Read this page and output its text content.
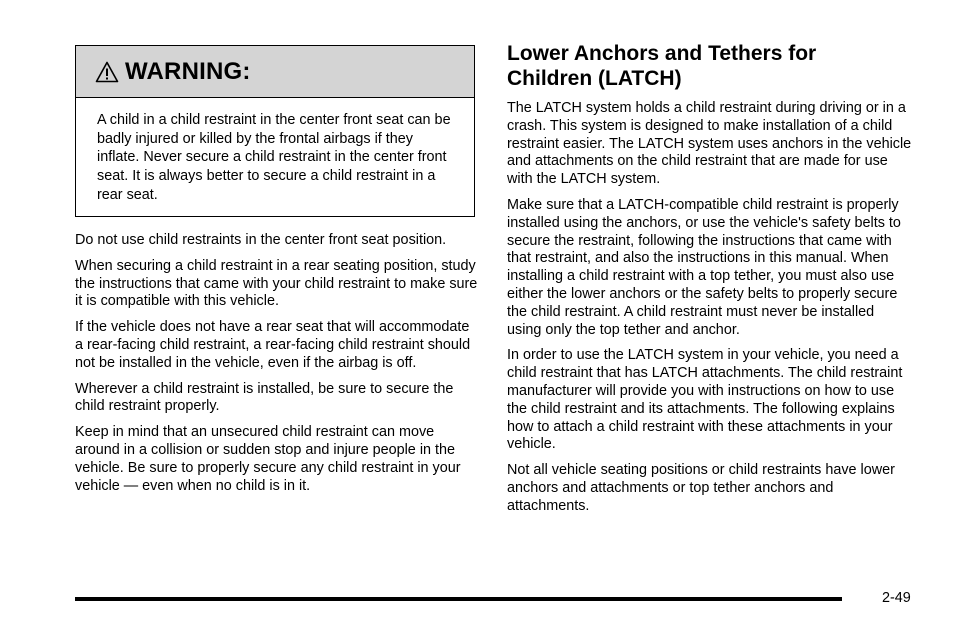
WARNING:
A child in a child restraint in the center front seat can be badly injured or killed by the frontal airbags if they inflate. Never secure a child restraint in the center front seat. It is always better to secure a child restraint in a rear seat.

Do not use child restraints in the center front seat position.

When securing a child restraint in a rear seating position, study the instructions that came with your child restraint to make sure it is compatible with this vehicle.

If the vehicle does not have a rear seat that will accommodate a rear-facing child restraint, a rear-facing child restraint should not be installed in the vehicle, even if the airbag is off.

Wherever a child restraint is installed, be sure to secure the child restraint properly.

Keep in mind that an unsecured child restraint can move around in a collision or sudden stop and injure people in the vehicle. Be sure to properly secure any child restraint in your vehicle — even when no child is in it.

Lower Anchors and Tethers for Children (LATCH)

The LATCH system holds a child restraint during driving or in a crash. This system is designed to make installation of a child restraint easier. The LATCH system uses anchors in the vehicle and attachments on the child restraint that are made for use with the LATCH system.

Make sure that a LATCH-compatible child restraint is properly installed using the anchors, or use the vehicle's safety belts to secure the restraint, following the instructions that came with that restraint, and also the instructions in this manual. When installing a child restraint with a top tether, you must also use either the lower anchors or the safety belts to properly secure the child restraint. A child restraint must never be installed using only the top tether and anchor.

In order to use the LATCH system in your vehicle, you need a child restraint that has LATCH attachments. The child restraint manufacturer will provide you with instructions on how to use the child restraint and its attachments. The following explains how to attach a child restraint with these attachments in your vehicle.

Not all vehicle seating positions or child restraints have lower anchors and attachments or top tether anchors and attachments.

2-49
